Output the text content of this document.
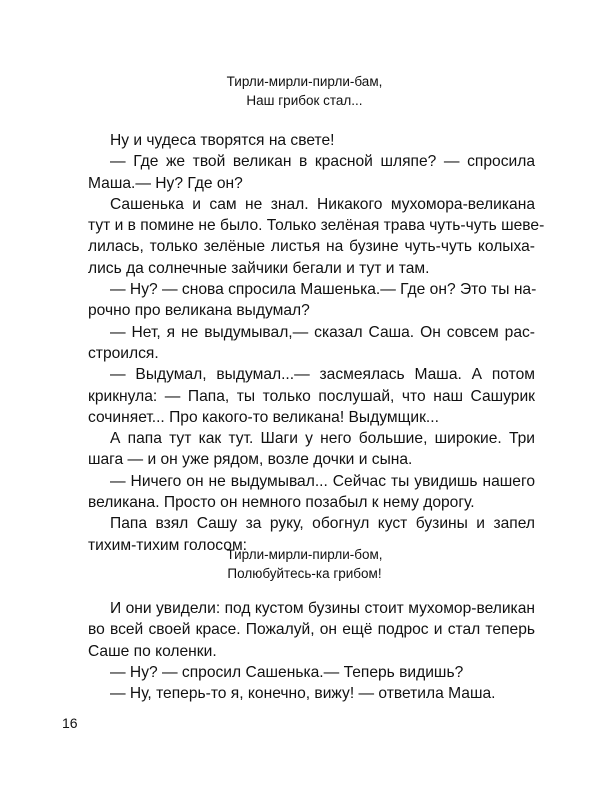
Тирли-мирли-пирли-бам,
Наш грибок стал...
Ну и чудеса творятся на свете!
— Где же твой великан в красной шляпе? — спросила
Маша.— Ну? Где он?
Сашенька и сам не знал. Никакого мухомора-великана
тут и в помине не было. Только зелёная трава чуть-чуть шеве-
лилась, только зелёные листья на бузине чуть-чуть колыха-
лись да солнечные зайчики бегали и тут и там.
— Ну? — снова спросила Машенька.— Где он? Это ты на-
рочно про великана выдумал?
— Нет, я не выдумывал,— сказал Саша. Он совсем рас-
строился.
— Выдумал, выдумал...— засмеялась Маша. А потом
крикнула: — Папа, ты только послушай, что наш Сашурик
сочиняет... Про какого-то великана! Выдумщик...
А папа тут как тут. Шаги у него большие, широкие. Три
шага — и он уже рядом, возле дочки и сына.
— Ничего он не выдумывал... Сейчас ты увидишь нашего
великана. Просто он немного позабыл к нему дорогу.
Папа взял Сашу за руку, обогнул куст бузины и запел
тихим-тихим голосом:
Тирли-мирли-пирли-бом,
Полюбуйтесь-ка грибом!
И они увидели: под кустом бузины стоит мухомор-великан
во всей своей красе. Пожалуй, он ещё подрос и стал теперь
Саше по коленки.
— Ну? — спросил Сашенька.— Теперь видишь?
— Ну, теперь-то я, конечно, вижу! — ответила Маша.
16
